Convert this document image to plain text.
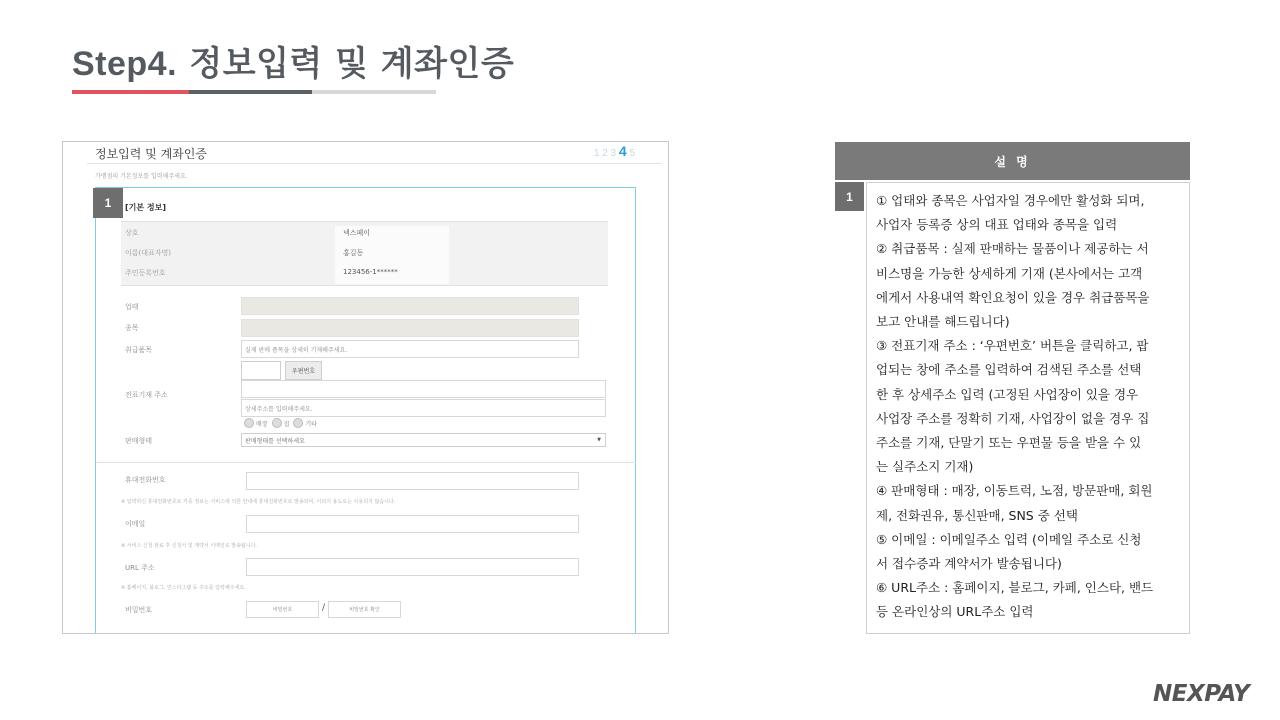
Step4. 정보입력 및 계좌인증
정보입력 및 계좌인증	1 2 3 4 5
가맹점의 기본정보를 입력해주세요.
1	[기본 정보]
상호	넥스페이
이름(대표자명)	홍길동
주민등록번호	123456-1******
업태
종목
취급품목	실제 판매 품목을 상세히 기재해주세요.
우편번호
전표기재 주소
상세주소를 입력해주세요.
매장	집	기타
판매형태	판매형태를 선택하세요	▼
휴대전화번호
※ 입력하신 휴대전화번호로 각종 정보는 서비스에 의한 안내에 휴대전화번호로 발송되며, 이외의 용도로는 사용되지 않습니다.
이메일
※ 서비스 신청 완료 후 신청서 및 계약서 이메일로 발송됩니다.
URL 주소
※ 홈페이지, 블로그, 인스타그램 등 주소를 입력해주세요.
비밀번호	비밀번호	/	비밀번호 확인
설 명
1	① 업태와 종목은 사업자일 경우에만 활성화 되며,

사업자 등록증 상의 대표 업태와 종목을 입력

② 취급품목 : 실제 판매하는 물품이나 제공하는 서

비스명을 가능한 상세하게 기재 (본사에서는 고객

에게서 사용내역 확인요청이 있을 경우 취급품목을

보고 안내를 해드립니다)

③ 전표기재 주소 : ‘우편번호’ 버튼을 클릭하고, 팝

업되는 창에 주소를 입력하여 검색된 주소를 선택

한 후 상세주소 입력 (고정된 사업장이 있을 경우

사업장 주소를 정확히 기재, 사업장이 없을 경우 집

주소를 기재, 단말기 또는 우편물 등을 받을 수 있

는 실주소지 기재)

④ 판매형태 : 매장, 이동트럭, 노점, 방문판매, 회원

제, 전화권유, 통신판매, SNS 중 선택

⑤ 이메일 : 이메일주소 입력 (이메일 주소로 신청

서 접수증과 계약서가 발송됩니다)

⑥ URL주소 : 홈페이지, 블로그, 카페, 인스타, 밴드

등 온라인상의 URL주소 입력

NEXPAY
